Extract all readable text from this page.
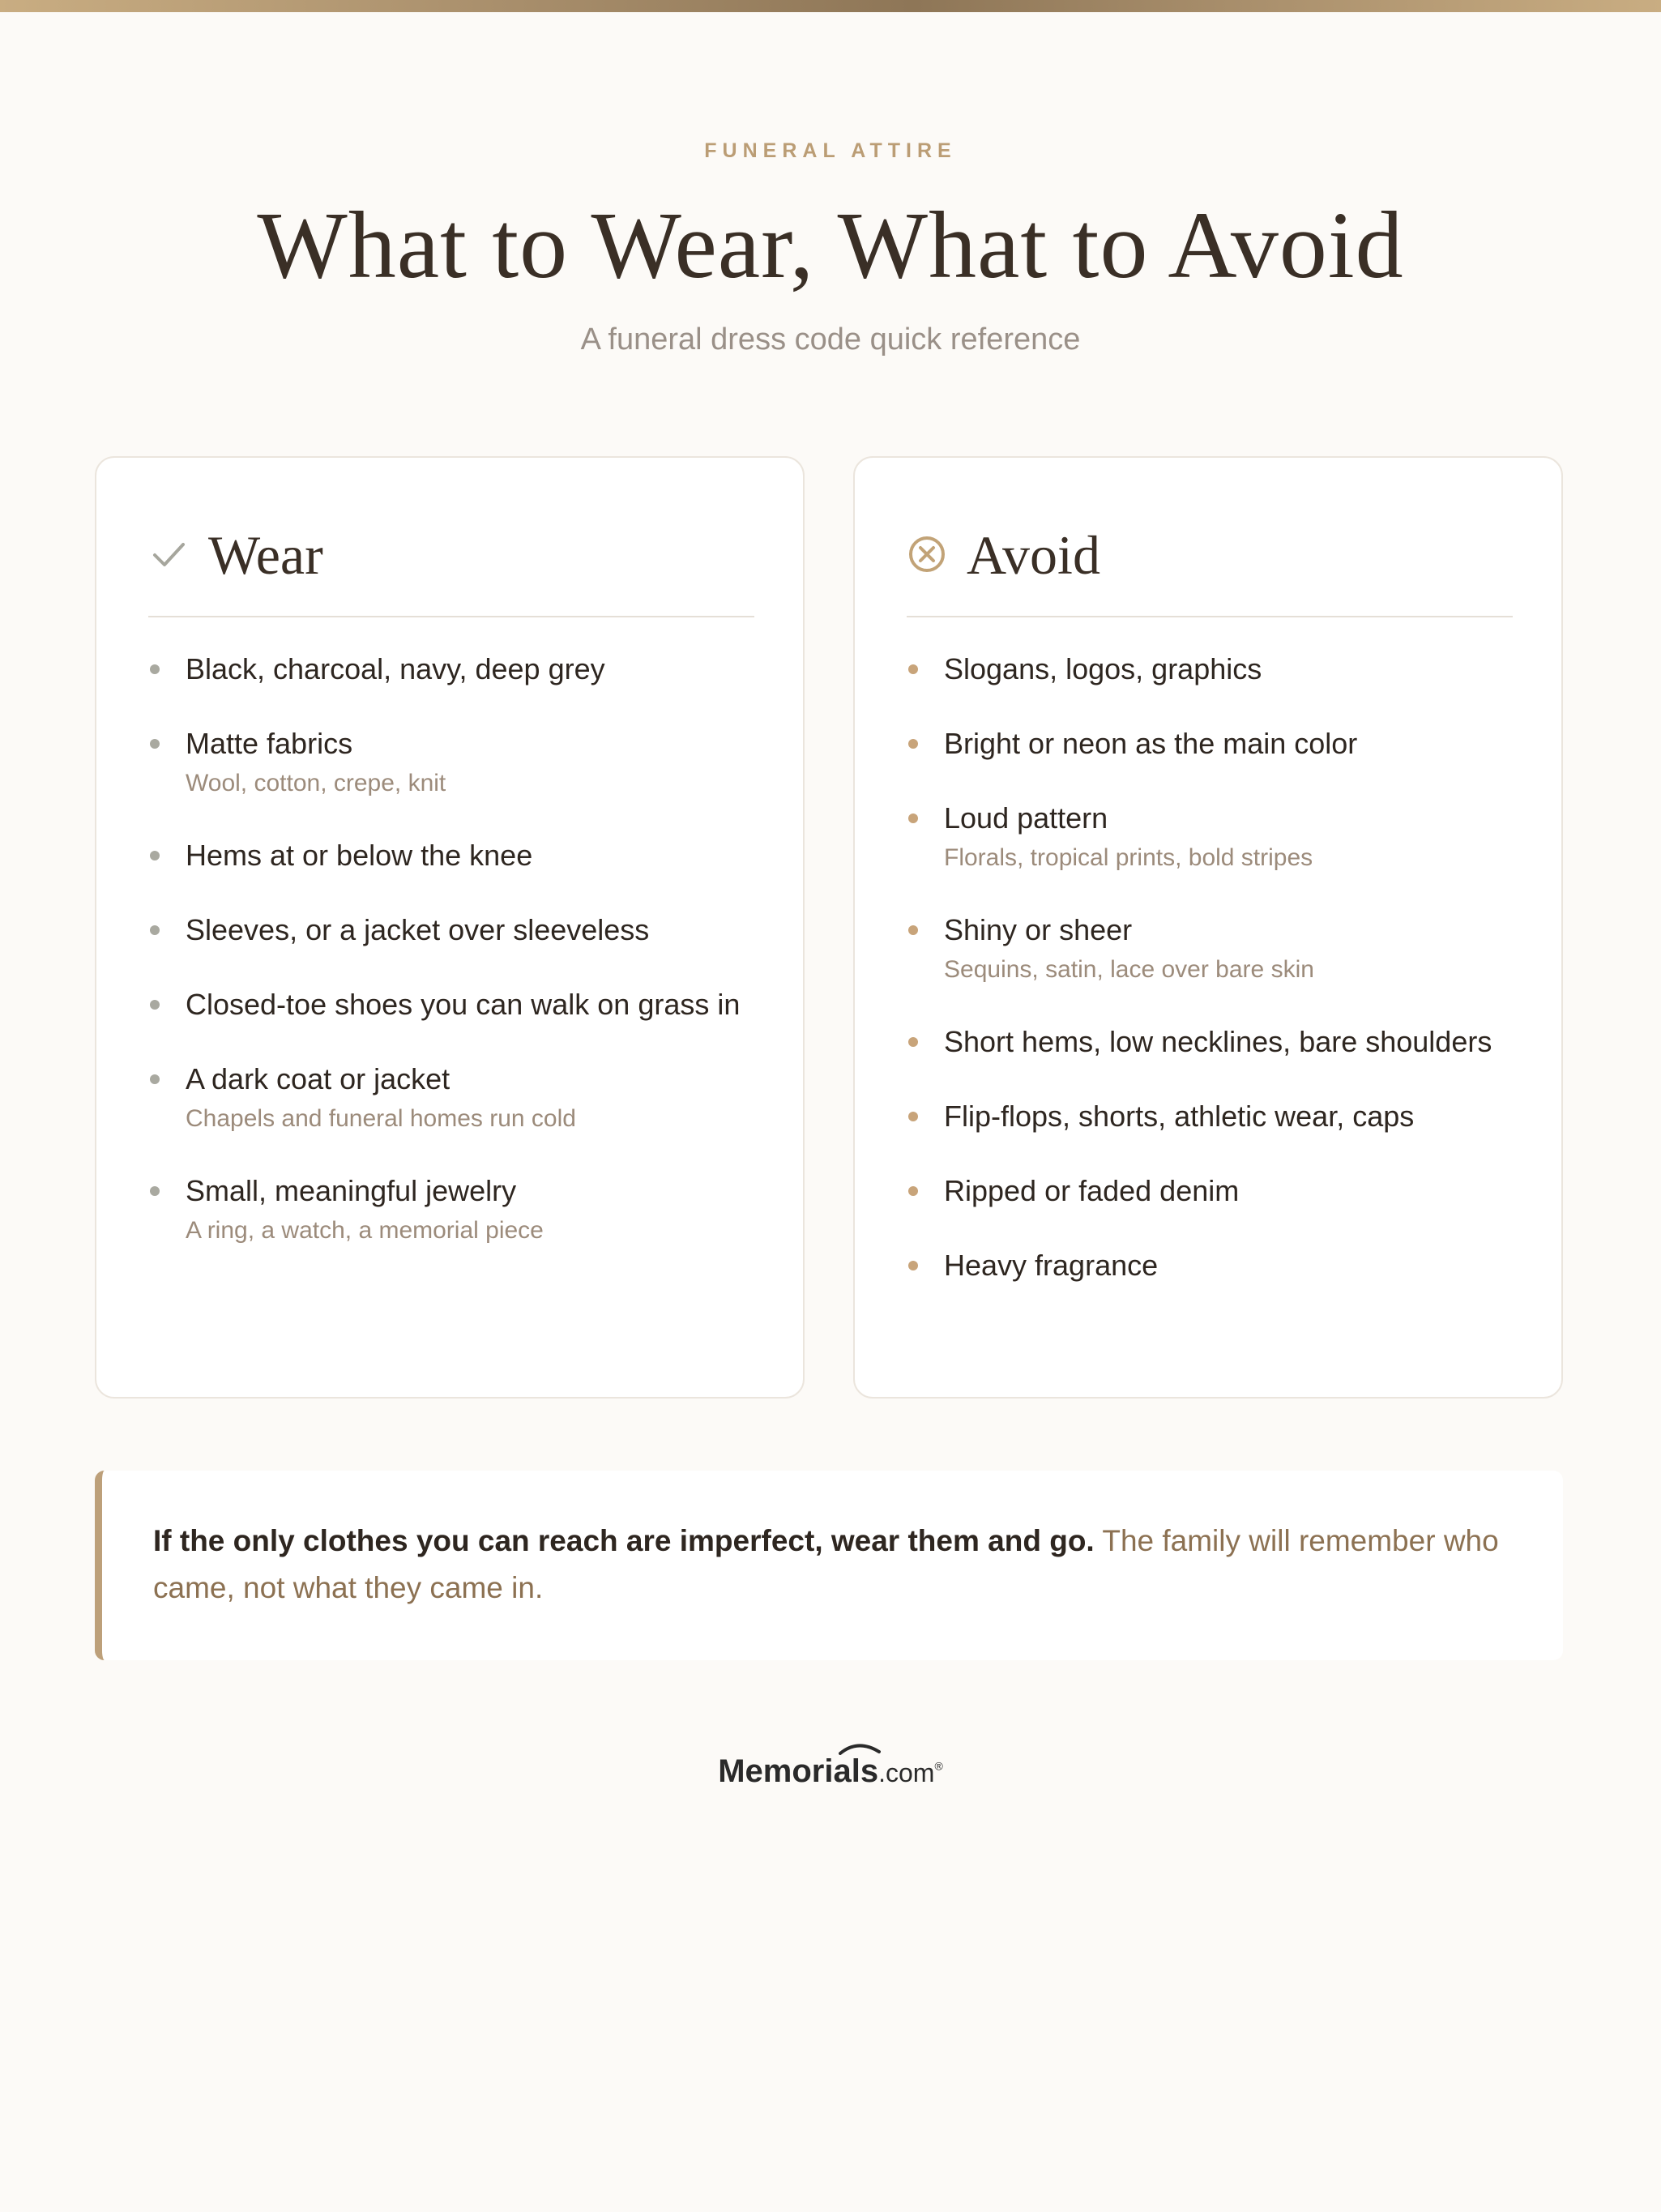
FUNERAL ATTIRE
What to Wear, What to Avoid
A funeral dress code quick reference
Wear
Black, charcoal, navy, deep grey
Matte fabrics
Wool, cotton, crepe, knit
Hems at or below the knee
Sleeves, or a jacket over sleeveless
Closed-toe shoes you can walk on grass in
A dark coat or jacket
Chapels and funeral homes run cold
Small, meaningful jewelry
A ring, a watch, a memorial piece
Avoid
Slogans, logos, graphics
Bright or neon as the main color
Loud pattern
Florals, tropical prints, bold stripes
Shiny or sheer
Sequins, satin, lace over bare skin
Short hems, low necklines, bare shoulders
Flip-flops, shorts, athletic wear, caps
Ripped or faded denim
Heavy fragrance
If the only clothes you can reach are imperfect, wear them and go. The family will remember who came, not what they came in.
Memorials.com®
